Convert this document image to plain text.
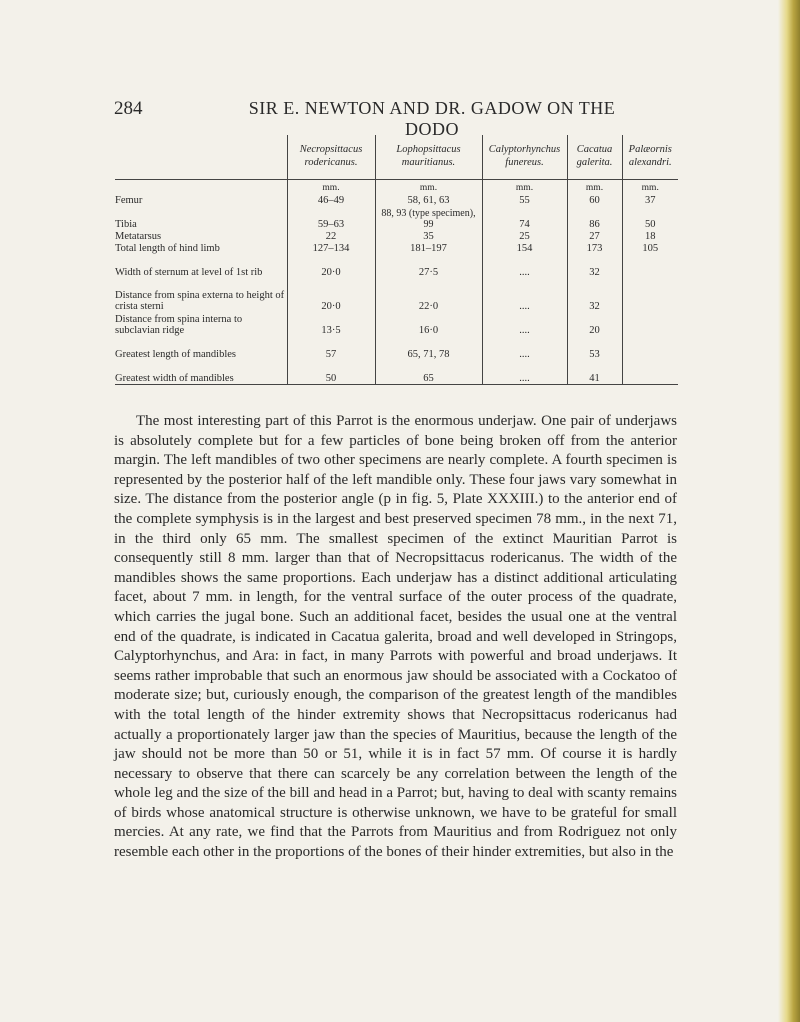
284	SIR E. NEWTON AND DR. GADOW ON THE DODO
	Necropsittacus rodericanus.	Lophopsittacus mauritianus.	Calyptorhynchus funereus.	Cacatua galerita.	Palæornis alexandri.
	mm.	mm.	mm.	mm.	mm.
Femur	46–49	58, 61, 63	55	60	37
Tibia	59–63	88, 93 (type specimen), 99	74	86	50
Metatarsus	22	35	25	27	18
Total length of hind limb	127–134	181–197	154	173	105
Width of sternum at level of 1st rib	20·0	27·5	....	32	
Distance from spina externa to height of crista sterni	20·0	22·0	....	32	
Distance from spina interna to subclavian ridge	13·5	16·0	....	20	
Greatest length of mandibles	57	65, 71, 78	....	53	
Greatest width of mandibles	50	65	....	41	

The most interesting part of this Parrot is the enormous underjaw. One pair of underjaws is absolutely complete but for a few particles of bone being broken off from the anterior margin. The left mandibles of two other specimens are nearly complete. A fourth specimen is represented by the posterior half of the left mandible only. These four jaws vary somewhat in size. The distance from the posterior angle (p in fig. 5, Plate XXXIII.) to the anterior end of the complete symphysis is in the largest and best preserved specimen 78 mm., in the next 71, in the third only 65 mm. The smallest specimen of the extinct Mauritian Parrot is consequently still 8 mm. larger than that of Necropsittacus rodericanus. The width of the mandibles shows the same proportions. Each underjaw has a distinct additional articulating facet, about 7 mm. in length, for the ventral surface of the outer process of the quadrate, which carries the jugal bone. Such an additional facet, besides the usual one at the ventral end of the quadrate, is indicated in Cacatua galerita, broad and well developed in Stringops, Calyptorhynchus, and Ara: in fact, in many Parrots with powerful and broad underjaws. It seems rather improbable that such an enormous jaw should be associated with a Cockatoo of moderate size; but, curiously enough, the comparison of the greatest length of the mandibles with the total length of the hinder extremity shows that Necropsittacus rodericanus had actually a proportionately larger jaw than the species of Mauritius, because the length of the jaw should not be more than 50 or 51, while it is in fact 57 mm. Of course it is hardly necessary to observe that there can scarcely be any correlation between the length of the whole leg and the size of the bill and head in a Parrot; but, having to deal with scanty remains of birds whose anatomical structure is otherwise unknown, we have to be grateful for small mercies. At any rate, we find that the Parrots from Mauritius and from Rodriguez not only resemble each other in the proportions of the bones of their hinder extremities, but also in the
